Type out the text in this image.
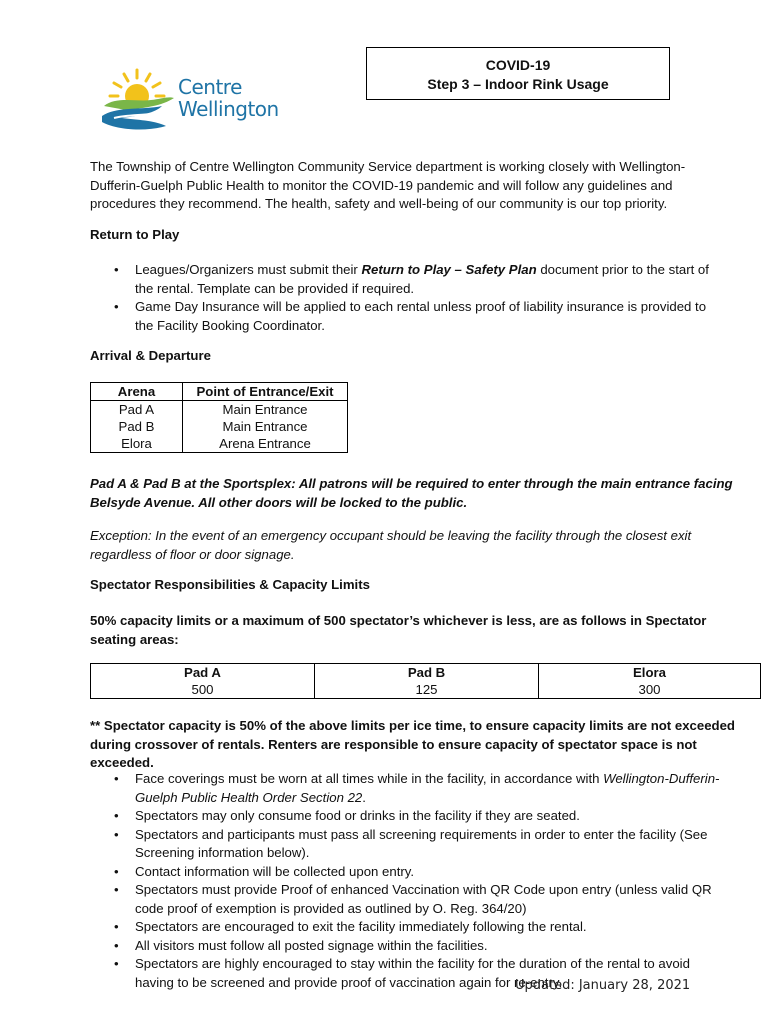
Centre
Wellington
COVID-19
Step 3 – Indoor Rink Usage
The Township of Centre Wellington Community Service department is working closely with Wellington-Dufferin-Guelph Public Health to monitor the COVID-19 pandemic and will follow any guidelines and procedures they recommend. The health, safety and well-being of our community is our top priority.
Return to Play
• Leagues/Organizers must submit their Return to Play – Safety Plan document prior to the start of the rental. Template can be provided if required.
• Game Day Insurance will be applied to each rental unless proof of liability insurance is provided to the Facility Booking Coordinator.
Arrival & Departure
Arena	Point of Entrance/Exit
Pad A	Main Entrance
Pad B	Main Entrance
Elora	Arena Entrance
Pad A & Pad B at the Sportsplex: All patrons will be required to enter through the main entrance facing Belsyde Avenue. All other doors will be locked to the public.
Exception: In the event of an emergency occupant should be leaving the facility through the closest exit regardless of floor or door signage.
Spectator Responsibilities & Capacity Limits
50% capacity limits or a maximum of 500 spectator’s whichever is less, are as follows in Spectator seating areas:
Pad A	Pad B	Elora
500	125	300
** Spectator capacity is 50% of the above limits per ice time, to ensure capacity limits are not exceeded during crossover of rentals. Renters are responsible to ensure capacity of spectator space is not exceeded.
• Face coverings must be worn at all times while in the facility, in accordance with Wellington-Dufferin-Guelph Public Health Order Section 22.
• Spectators may only consume food or drinks in the facility if they are seated.
• Spectators and participants must pass all screening requirements in order to enter the facility (See Screening information below).
• Contact information will be collected upon entry.
• Spectators must provide Proof of enhanced Vaccination with QR Code upon entry (unless valid QR code proof of exemption is provided as outlined by O. Reg. 364/20)
• Spectators are encouraged to exit the facility immediately following the rental.
• All visitors must follow all posted signage within the facilities.
• Spectators are highly encouraged to stay within the facility for the duration of the rental to avoid having to be screened and provide proof of vaccination again for re-entry.
Updated: January 28, 2021
